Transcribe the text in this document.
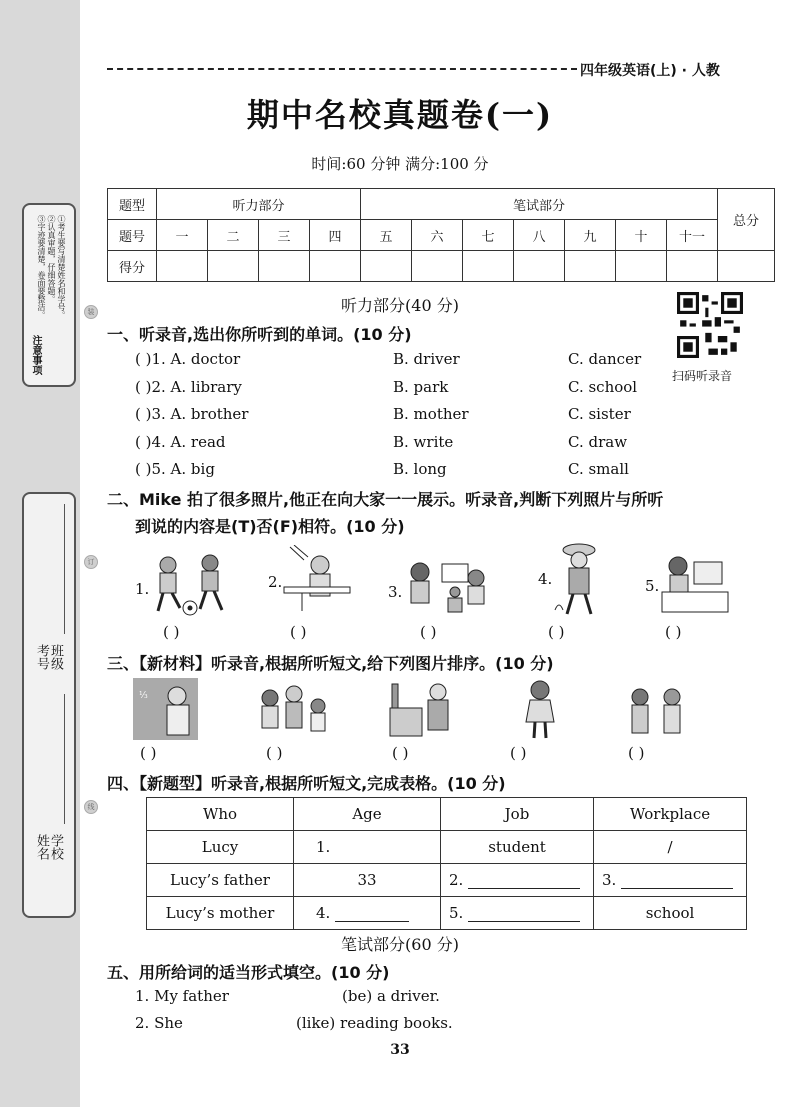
注意事项
①考生要写清楚姓名和学号。
②认真审题，仔细答题。
③字迹要清楚，卷面要整洁。
班级
考号
学校
姓名
装
订
线
四年级英语(上) · 人教
期中名校真题卷(一)
时间:60 分钟 满分:100 分
题型	听力部分				笔试部分							总分
题号	一	二	三	四	五	六	七	八	九	十	十一	
得分												
听力部分(40 分)
扫码听录音
一、听录音,选出你所听到的单词。(10 分)
( )1. A. doctor	B. driver	C. dancer
( )2. A. library	B. park	C. school
( )3. A. brother	B. mother	C. sister
( )4. A. read	B. write	C. draw
( )5. A. big	B. long	C. small
二、Mike 拍了很多照片,他正在向大家一一展示。听录音,判断下列照片与所听
到说的内容是(T)否(F)相符。(10 分)
1.	2.
3.
4.	5.
( )	( )	( )	( )	( )
三、【新材料】听录音,根据所听短文,给下列图片排序。(10 分)
⅓
( )	( )	( )	( )	( )
四、【新题型】听录音,根据所听短文,完成表格。(10 分)
Who	Age	Job	Workplace
Lucy	1.	student	/
Lucy’s father	33	2.	3.
Lucy’s mother	4.	5.	school
笔试部分(60 分)
五、用所给词的适当形式填空。(10 分)
1. My father	(be) a driver.
2. She	(like) reading books.
33
